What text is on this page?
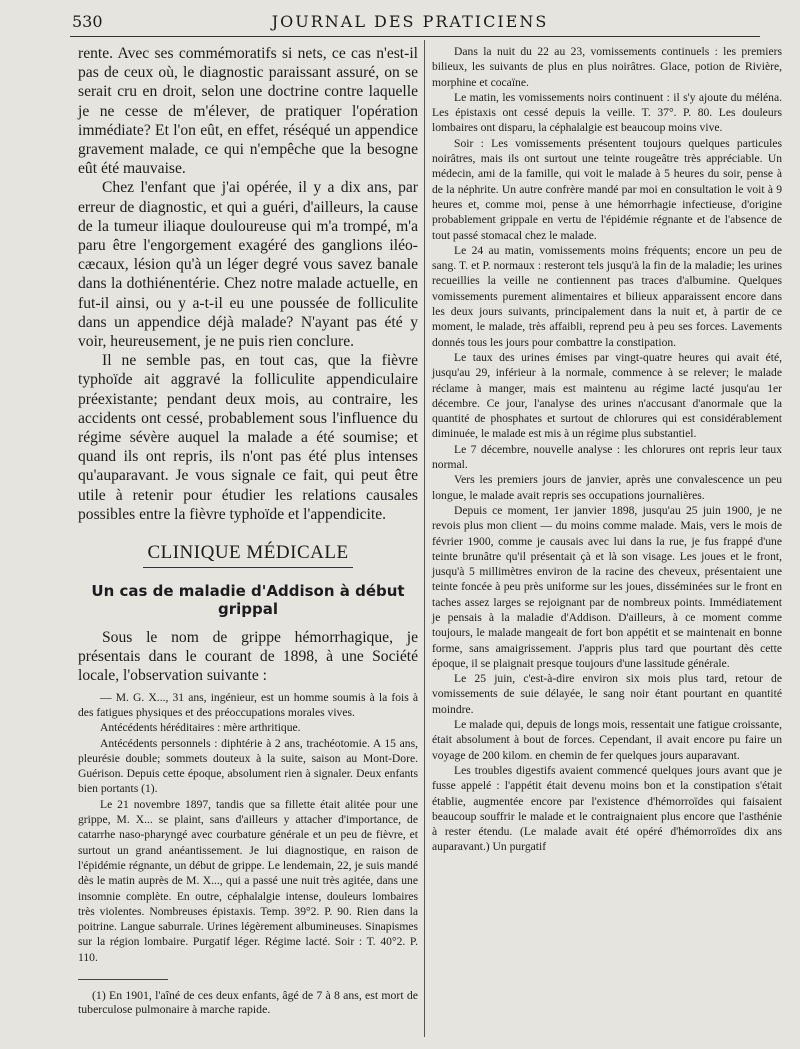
530	JOURNAL DES PRATICIENS

rente. Avec ses commémoratifs si nets, ce cas n'est-il pas de ceux où, le diagnostic paraissant assuré, on se serait cru en droit, selon une doctrine contre laquelle je ne cesse de m'élever, de pratiquer l'opération immédiate? Et l'on eût, en effet, réséqué un appendice gravement malade, ce qui n'empêche que la besogne eût été mauvaise.

Chez l'enfant que j'ai opérée, il y a dix ans, par erreur de diagnostic, et qui a guéri, d'ailleurs, la cause de la tumeur iliaque douloureuse qui m'a trompé, m'a paru être l'engorgement exagéré des ganglions iléo-cæcaux, lésion qu'à un léger degré vous savez banale dans la dothiénentérie. Chez notre malade actuelle, en fut-il ainsi, ou y a-t-il eu une poussée de folliculite dans un appendice déjà malade? N'ayant pas été y voir, heureusement, je ne puis rien conclure.

Il ne semble pas, en tout cas, que la fièvre typhoïde ait aggravé la folliculite appendiculaire préexistante; pendant deux mois, au contraire, les accidents ont cessé, probablement sous l'influence du régime sévère auquel la malade a été soumise; et quand ils ont repris, ils n'ont pas été plus intenses qu'auparavant. Je vous signale ce fait, qui peut être utile à retenir pour étudier les relations causales possibles entre la fièvre typhoïde et l'appendicite.

CLINIQUE MÉDICALE
Un cas de maladie d'Addison à début grippal

Sous le nom de grippe hémorrhagique, je présentais dans le courant de 1898, à une Société locale, l'observation suivante :

— M. G. X..., 31 ans, ingénieur, est un homme soumis à la fois à des fatigues physiques et des préoccupations morales vives.

Antécédents héréditaires : mère arthritique.

Antécédents personnels : diphtérie à 2 ans, trachéotomie. A 15 ans, pleurésie double; sommets douteux à la suite, saison au Mont-Dore. Guérison. Depuis cette époque, absolument rien à signaler. Deux enfants bien portants (1).

Le 21 novembre 1897, tandis que sa fillette était alitée pour une grippe, M. X... se plaint, sans d'ailleurs y attacher d'importance, de catarrhe naso-pharyngé avec courbature générale et un peu de fièvre, et surtout un grand anéantissement. Je lui diagnostique, en raison de l'épidémie régnante, un début de grippe. Le lendemain, 22, je suis mandé dès le matin auprès de M. X..., qui a passé une nuit très agitée, dans une insomnie complète. En outre, céphalalgie intense, douleurs lombaires très violentes. Nombreuses épistaxis. Temp. 39°2. P. 90. Rien dans la poitrine. Langue saburrale. Urines légèrement albumineuses. Sinapismes sur la région lombaire. Purgatif léger. Régime lacté. Soir : T. 40°2. P. 110.

(1) En 1901, l'aîné de ces deux enfants, âgé de 7 à 8 ans, est mort de tuberculose pulmonaire à marche rapide.

Dans la nuit du 22 au 23, vomissements continuels : les premiers bilieux, les suivants de plus en plus noirâtres. Glace, potion de Rivière, morphine et cocaïne.

Le matin, les vomissements noirs continuent : il s'y ajoute du méléna. Les épistaxis ont cessé depuis la veille. T. 37°. P. 80. Les douleurs lombaires ont disparu, la céphalalgie est beaucoup moins vive.

Soir : Les vomissements présentent toujours quelques particules noirâtres, mais ils ont surtout une teinte rougeâtre très appréciable. Un médecin, ami de la famille, qui voit le malade à 5 heures du soir, pense à de la néphrite. Un autre confrère mandé par moi en consultation le voit à 9 heures et, comme moi, pense à une hémorrhagie infectieuse, d'origine probablement grippale en vertu de l'épidémie régnante et de l'absence de tout passé stomacal chez le malade.

Le 24 au matin, vomissements moins fréquents; encore un peu de sang. T. et P. normaux : resteront tels jusqu'à la fin de la maladie; les urines recueillies la veille ne contiennent pas traces d'albumine. Quelques vomissements purement alimentaires et bilieux apparaissent encore dans les deux jours suivants, principalement dans la nuit et, à partir de ce moment, le malade, très affaibli, reprend peu à peu ses forces. Lavements donnés tous les jours pour combattre la constipation.

Le taux des urines émises par vingt-quatre heures qui avait été, jusqu'au 29, inférieur à la normale, commence à se relever; le malade réclame à manger, mais est maintenu au régime lacté jusqu'au 1er décembre. Ce jour, l'analyse des urines n'accusant d'anormale que la quantité de phosphates et surtout de chlorures qui est considérablement diminuée, le malade est mis à un régime plus substantiel.

Le 7 décembre, nouvelle analyse : les chlorures ont repris leur taux normal.

Vers les premiers jours de janvier, après une convalescence un peu longue, le malade avait repris ses occupations journalières.

Depuis ce moment, 1er janvier 1898, jusqu'au 25 juin 1900, je ne revois plus mon client — du moins comme malade. Mais, vers le mois de février 1900, comme je causais avec lui dans la rue, je fus frappé d'une teinte brunâtre qu'il présentait çà et là son visage. Les joues et le front, jusqu'à 5 millimètres environ de la racine des cheveux, présentaient une teinte foncée à peu près uniforme sur les joues, disséminées sur le front en taches assez larges se rejoignant par de nombreux points. Immédiatement je pensais à la maladie d'Addison. D'ailleurs, à ce moment comme toujours, le malade mangeait de fort bon appétit et se maintenait en bonne forme, sans amaigrissement. J'appris plus tard que pourtant dès cette époque, il se plaignait presque toujours d'une lassitude générale.

Le 25 juin, c'est-à-dire environ six mois plus tard, retour de vomissements de suie délayée, le sang noir étant pourtant en quantité moindre.

Le malade qui, depuis de longs mois, ressentait une fatigue croissante, était absolument à bout de forces. Cependant, il avait encore pu faire un voyage de 200 kilom. en chemin de fer quelques jours auparavant.

Les troubles digestifs avaient commencé quelques jours avant que je fusse appelé : l'appétit était devenu moins bon et la constipation s'était établie, augmentée encore par l'existence d'hémorroïdes qui faisaient beaucoup souffrir le malade et le contraignaient plus encore que l'asthénie à rester étendu. (Le malade avait été opéré d'hémorroïdes dix ans auparavant.) Un purgatif
